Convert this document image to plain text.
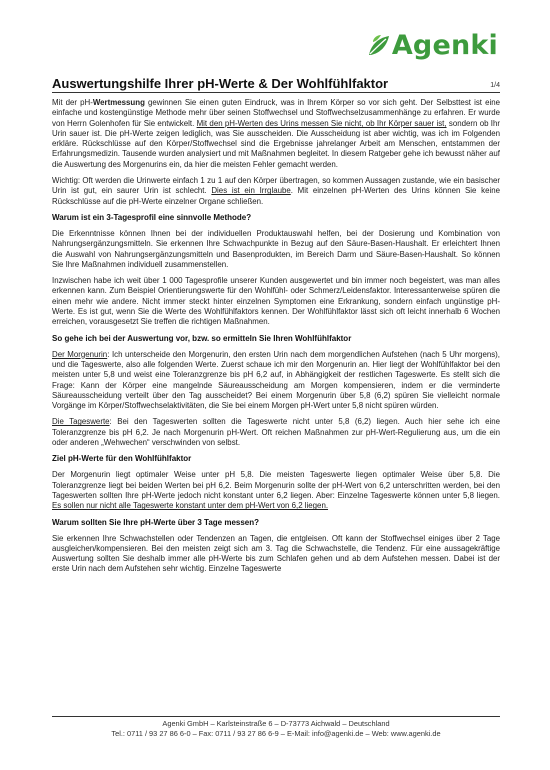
Agenki
Auswertungshilfe Ihrer pH-Werte & Der Wohlfühlfaktor	1/4

Mit der pH-Wertmessung gewinnen Sie einen guten Eindruck, was in Ihrem Körper so vor sich geht. Der Selbsttest ist eine einfache und kostengünstige Methode mehr über seinen Stoffwechsel und Stoffwechselzusammenhänge zu erfahren. Er wurde von Herrn Golenhofen für Sie entwickelt. Mit den pH-Werten des Urins messen Sie nicht, ob Ihr Körper sauer ist, sondern ob Ihr Urin sauer ist. Die pH-Werte zeigen lediglich, was Sie ausscheiden. Die Ausscheidung ist aber wichtig, was ich im Folgenden erkläre. Rückschlüsse auf den Körper/Stoffwechsel sind die Ergebnisse jahrelanger Arbeit am Menschen, entstammen der Erfahrungsmedizin. Tausende wurden analysiert und mit Maßnahmen begleitet. In diesem Ratgeber gehe ich bewusst näher auf die Auswertung des Morgenurins ein, da hier die meisten Fehler gemacht werden.

Wichtig: Oft werden die Urinwerte einfach 1 zu 1 auf den Körper übertragen, so kommen Aussagen zustande, wie ein basischer Urin ist gut, ein saurer Urin ist schlecht. Dies ist ein Irrglaube. Mit einzelnen pH-Werten des Urins können Sie keine Rückschlüsse auf die pH-Werte einzelner Organe schließen.

Warum ist ein 3-Tagesprofil eine sinnvolle Methode?

Die Erkenntnisse können Ihnen bei der individuellen Produktauswahl helfen, bei der Dosierung und Kombination von Nahrungsergänzungsmitteln. Sie erkennen Ihre Schwachpunkte in Bezug auf den Säure-Basen-Haushalt. Er erleichtert Ihnen die Auswahl von Nahrungsergänzungsmitteln und Basenprodukten, im Bereich Darm und Säure-Basen-Haushalt. So können Sie Ihre Maßnahmen individuell zusammenstellen.

Inzwischen habe ich weit über 1 000 Tagesprofile unserer Kunden ausgewertet und bin immer noch begeistert, was man alles erkennen kann. Zum Beispiel Orientierungswerte für den Wohlfühl- oder Schmerz/Leidensfaktor. Interessanterweise spüren die einen mehr wie andere. Nicht immer steckt hinter einzelnen Symptomen eine Erkrankung, sondern einfach ungünstige pH-Werte. Es ist gut, wenn Sie die Werte des Wohlfühlfaktors kennen. Der Wohlfühlfaktor lässt sich oft leicht innerhalb 6 Wochen erreichen, vorausgesetzt Sie treffen die richtigen Maßnahmen.

So gehe ich bei der Auswertung vor, bzw. so ermitteln Sie Ihren Wohlfühlfaktor

Der Morgenurin: Ich unterscheide den Morgenurin, den ersten Urin nach dem morgendlichen Aufstehen (nach 5 Uhr morgens), und die Tageswerte, also alle folgenden Werte. Zuerst schaue ich mir den Morgenurin an. Hier liegt der Wohlfühlfaktor bei den meisten unter 5,8 und weist eine Toleranzgrenze bis pH 6,2 auf, in Abhängigkeit der restlichen Tageswerte. Es stellt sich die Frage: Kann der Körper eine mangelnde Säureausscheidung am Morgen kompensieren, indem er die verminderte Säureausscheidung verteilt über den Tag ausscheidet? Bei einem Morgenurin über 5,8 (6,2) spüren Sie vielleicht normale Vorgänge im Körper/Stoffwechselaktivitäten, die Sie bei einem Morgen pH-Wert unter 5,8 nicht spüren würden.

Die Tageswerte: Bei den Tageswerten sollten die Tageswerte nicht unter 5,8 (6,2) liegen. Auch hier sehe ich eine Toleranzgrenze bis pH 6,2. Je nach Morgenurin pH-Wert. Oft reichen Maßnahmen zur pH-Wert-Regulierung aus, um die ein oder anderen „Wehwechen“ verschwinden von selbst.

Ziel pH-Werte für den Wohlfühlfaktor

Der Morgenurin liegt optimaler Weise unter pH 5,8. Die meisten Tageswerte liegen optimaler Weise über 5,8. Die Toleranzgrenze liegt bei beiden Werten bei pH 6,2. Beim Morgenurin sollte der pH-Wert von 6,2 unterschritten werden, bei den Tageswerten sollten Ihre pH-Werte jedoch nicht konstant unter 6,2 liegen. Aber: Einzelne Tageswerte können unter 5,8 liegen. Es sollen nur nicht alle Tageswerte konstant unter dem pH-Wert von 6,2 liegen.

Warum sollten Sie Ihre pH-Werte über 3 Tage messen?

Sie erkennen Ihre Schwachstellen oder Tendenzen an Tagen, die entgleisen. Oft kann der Stoffwechsel einiges über 2 Tage ausgleichen/kompensieren. Bei den meisten zeigt sich am 3. Tag die Schwachstelle, die Tendenz. Für eine aussagekräftige Auswertung sollten Sie deshalb immer alle pH-Werte bis zum Schlafen gehen und ab dem Aufstehen messen. Dabei ist der erste Urin nach dem Aufstehen sehr wichtig. Einzelne Tageswerte

Agenki GmbH – Karlsteinstraße 6 – D-73773 Aichwald – Deutschland
Tel.: 0711 / 93 27 86 6-0 – Fax: 0711 / 93 27 86 6-9 – E-Mail: info@agenki.de – Web: www.agenki.de
